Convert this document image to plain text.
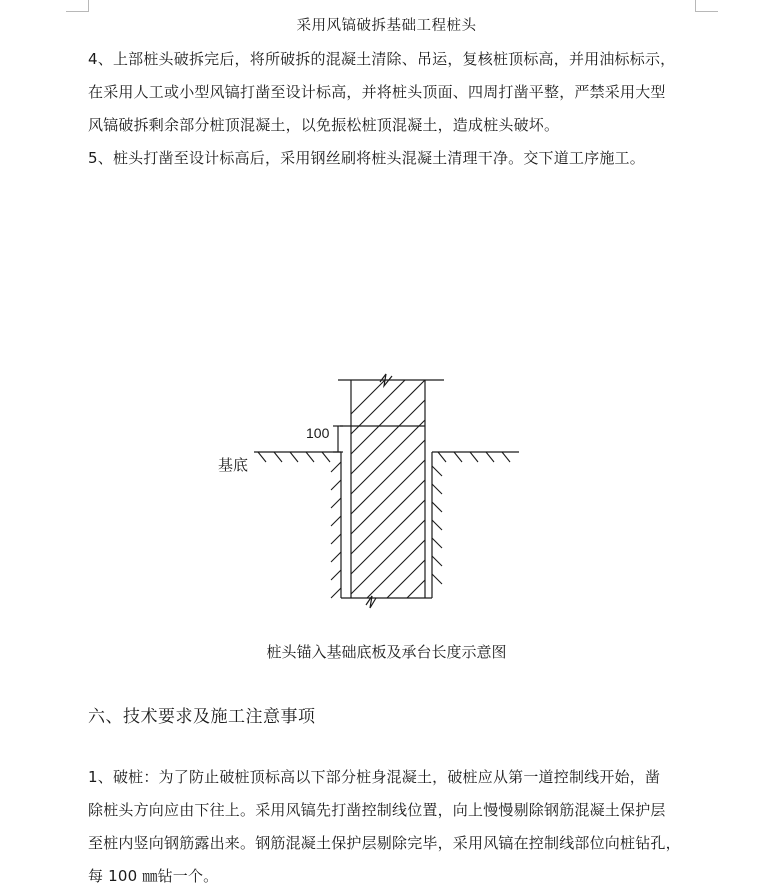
采用风镐破拆基础工程桩头
4、上部桩头破拆完后，将所破拆的混凝土清除、吊运，复核桩顶标高，并用油标标示，
在采用人工或小型风镐打凿至设计标高，并将桩头顶面、四周打凿平整，严禁采用大型
风镐破拆剩余部分桩顶混凝土，以免振松桩顶混凝土，造成桩头破坏。
5、桩头打凿至设计标高后，采用钢丝刷将桩头混凝土清理干净。交下道工序施工。
100
基底
桩头锚入基础底板及承台长度示意图
六、技术要求及施工注意事项
1、破桩：为了防止破桩顶标高以下部分桩身混凝土，破桩应从第一道控制线开始，凿
除桩头方向应由下往上。采用风镐先打凿控制线位置，向上慢慢剔除钢筋混凝土保护层
至桩内竖向钢筋露出来。钢筋混凝土保护层剔除完毕，采用风镐在控制线部位向桩钻孔，
每 100 ㎜钻一个。
